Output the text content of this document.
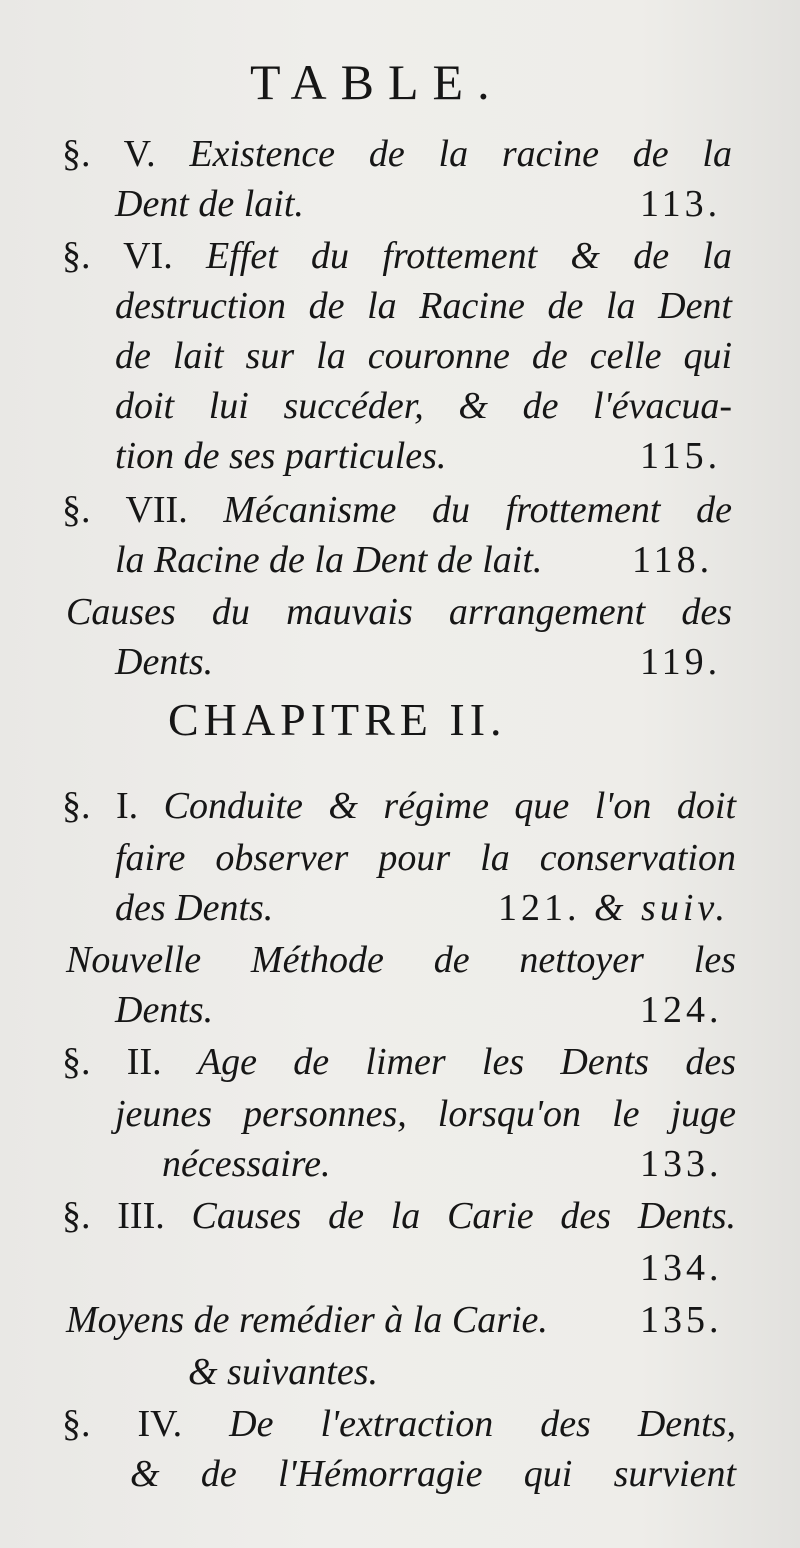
TABLE.
CHAPITRE II.
§. V. Existence de la racine de la
Dent de lait.
§. VI. Effet du frottement & de la
destruction de la Racine de la Dent
de lait sur la couronne de celle qui
doit lui succéder, & de l'évacua-
tion de ses particules.
§. VII. Mécanisme du frottement de
la Racine de la Dent de lait.
Causes du mauvais arrangement des
Dents.
§. I. Conduite & régime que l'on doit
faire observer pour la conservation
des Dents.
Nouvelle Méthode de nettoyer les
Dents.
§. II. Age de limer les Dents des
jeunes personnes, lorsqu'on le juge
nécessaire.
§. III. Causes de la Carie des Dents.
Moyens de remédier à la Carie.
& suivantes.
§. IV. De l'extraction des Dents,
& de l'Hémorragie qui survient
113.
115.
118.
119.
121. & suiv.
124.
133.
134.
135.
